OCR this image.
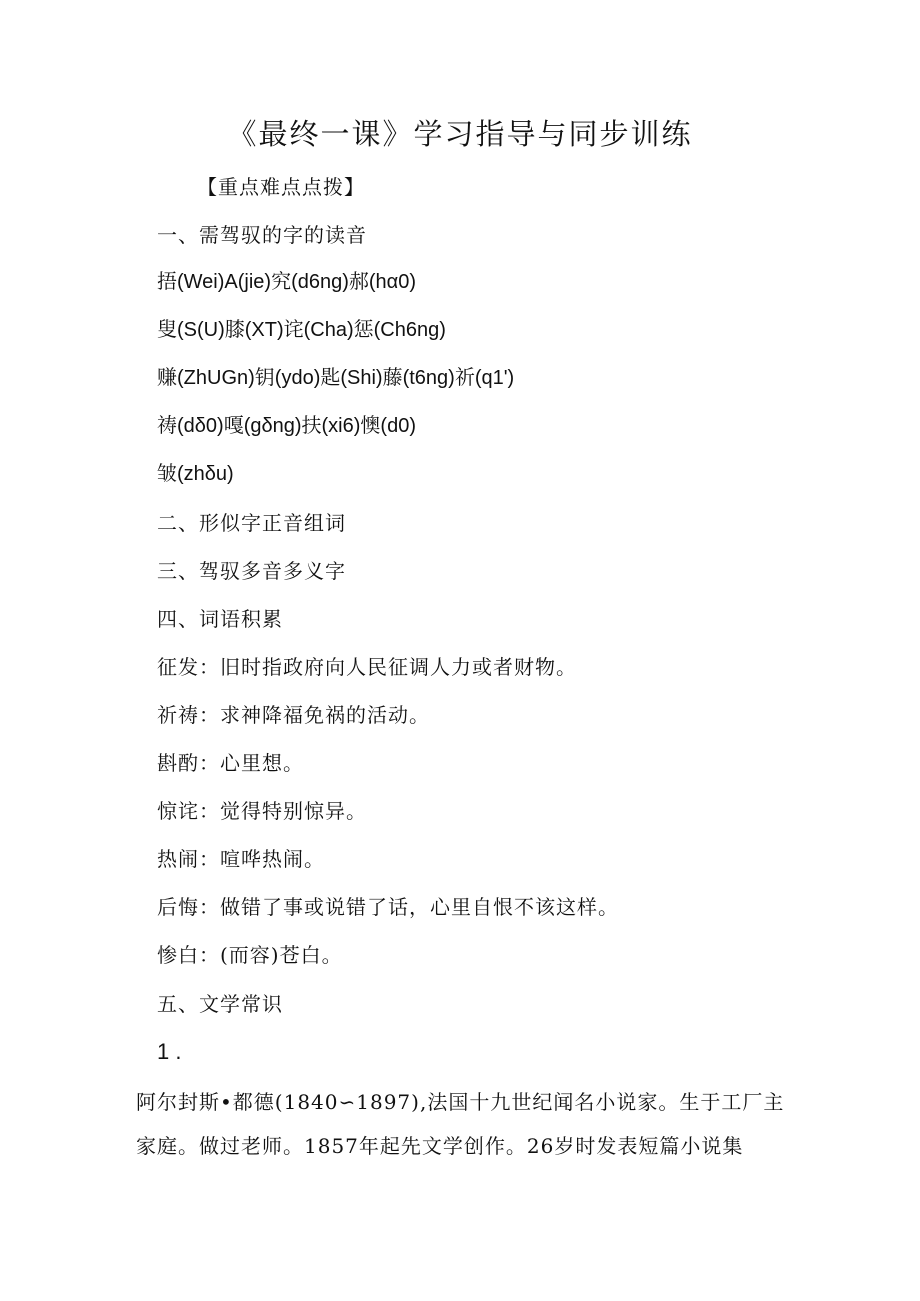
《最终一课》学习指导与同步训练
【重点难点点拨】
一、需驾驭的字的读音
捂(Wei)A(jie)究(d6ng)郝(hα0)
叟(S(U)膝(XT)诧(Cha)惩(Ch6ng)
赚(ZhUGn)钥(ydo)匙(Shi)藤(t6ng)祈(q1')
祷(dδ0)嘎(gδng)扶(xi6)懊(d0)
皱(zhδu)
二、形似字正音组词
三、驾驭多音多义字
四、词语积累
征发：旧时指政府向人民征调人力或者财物。
祈祷：求神降福免祸的活动。
斟酌：心里想。
惊诧：觉得特别惊异。
热闹：喧哗热闹。
后悔：做错了事或说错了话，心里自恨不该这样。
惨白：(而容)苍白。
五、文学常识
1 .

阿尔封斯•都德(1840∽1897),法国十九世纪闻名小说家。生于工厂主家庭。做过老师。1857年起先文学创作。26岁时发表短篇小说集
